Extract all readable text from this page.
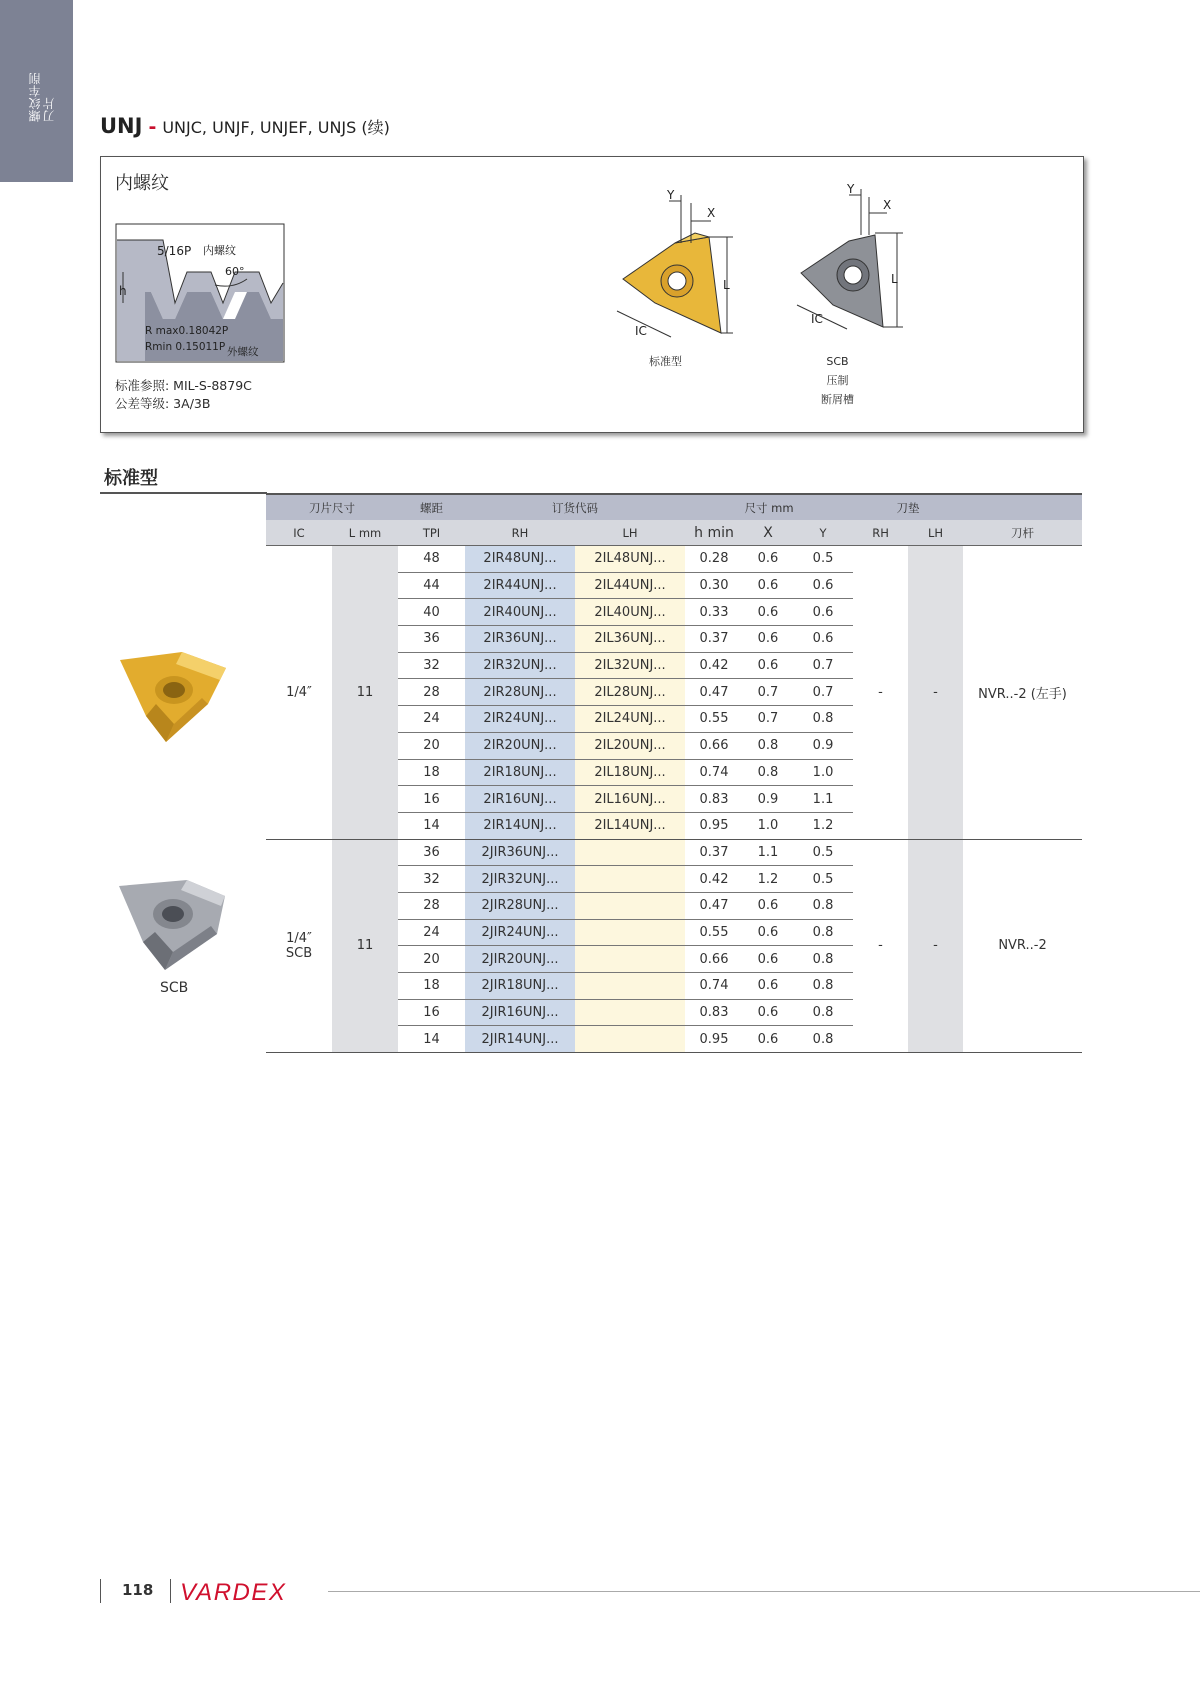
螺纹车削 刀片
UNJ - UNJC, UNJF, UNJEF, UNJS (续)
内螺纹
h
5/16P 内螺纹
60°
R max0.18042P
Rmin 0.15011P 外螺纹
标准参照: MIL-S-8879C
公差等级: 3A/3B
Y
X
L
IC
标准型
Y
X
L
IC
SCB
压制
断屑槽
标准型
SCB
刀片尺寸		螺距	订货代码		尺寸 mm			刀垫		
IC	L mm	TPI	RH	LH	h min	X	Y	RH	LH	刀杆
1/4″	11	48	2IR48UNJ...	2IL48UNJ...	0.28	0.6	0.5	-	-	NVR..-2 (左手)
		44	2IR44UNJ...	2IL44UNJ...	0.30	0.6	0.6			
		40	2IR40UNJ...	2IL40UNJ...	0.33	0.6	0.6			
		36	2IR36UNJ...	2IL36UNJ...	0.37	0.6	0.6			
		32	2IR32UNJ...	2IL32UNJ...	0.42	0.6	0.7			
		28	2IR28UNJ...	2IL28UNJ...	0.47	0.7	0.7			
		24	2IR24UNJ...	2IL24UNJ...	0.55	0.7	0.8			
		20	2IR20UNJ...	2IL20UNJ...	0.66	0.8	0.9			
		18	2IR18UNJ...	2IL18UNJ...	0.74	0.8	1.0			
		16	2IR16UNJ...	2IL16UNJ...	0.83	0.9	1.1			
		14	2IR14UNJ...	2IL14UNJ...	0.95	1.0	1.2			

1/4″
SCB	11	36	2JIR36UNJ...		0.37	1.1	0.5	-	-	NVR..-2
		32	2JIR32UNJ...		0.42	1.2	0.5			
		28	2JIR28UNJ...		0.47	0.6	0.8			
		24	2JIR24UNJ...		0.55	0.6	0.8			
		20	2JIR20UNJ...		0.66	0.6	0.8			
		18	2JIR18UNJ...		0.74	0.6	0.8			
		16	2JIR16UNJ...		0.83	0.6	0.8			
		14	2JIR14UNJ...		0.95	0.6	0.8			
118 VARDEX
